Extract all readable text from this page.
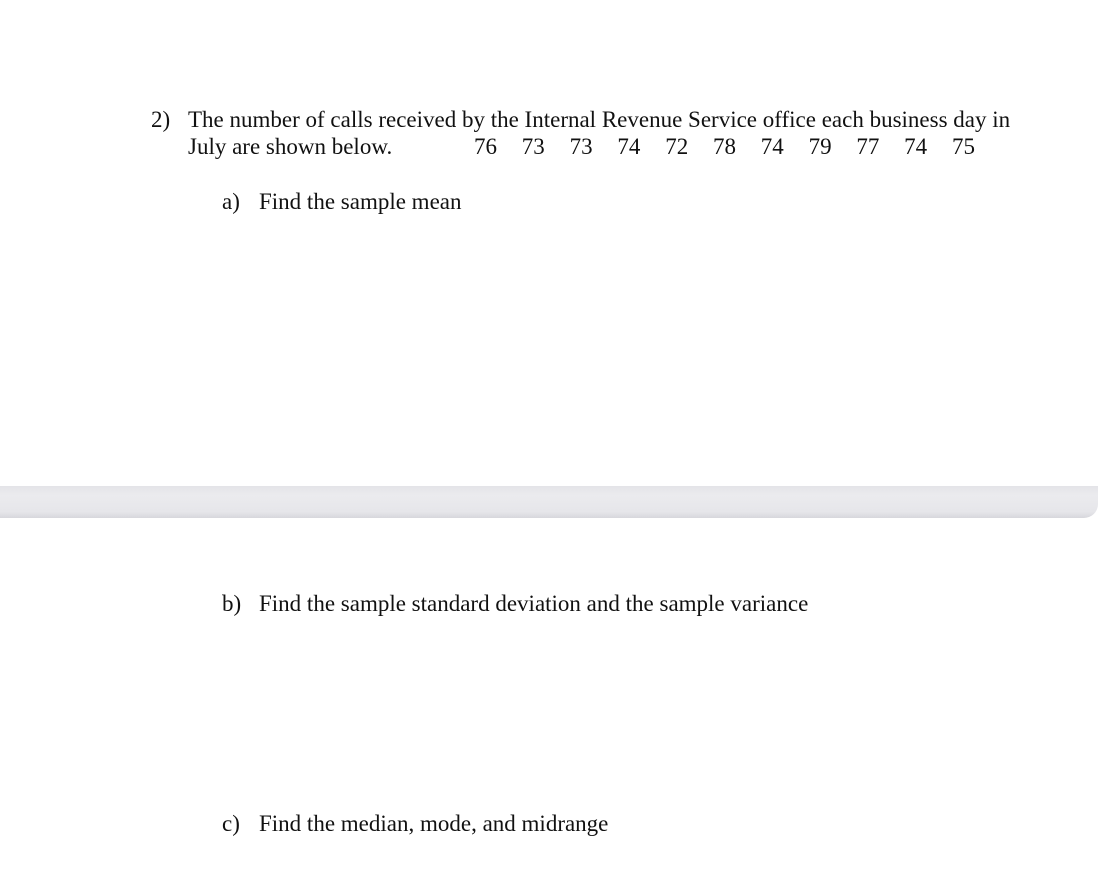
2) The number of calls received by the Internal Revenue Service office each business day in
July are shown below.	76	73	73	74	72	78	74	79	77	74	75
a) Find the sample mean
b) Find the sample standard deviation and the sample variance
c) Find the median, mode, and midrange
